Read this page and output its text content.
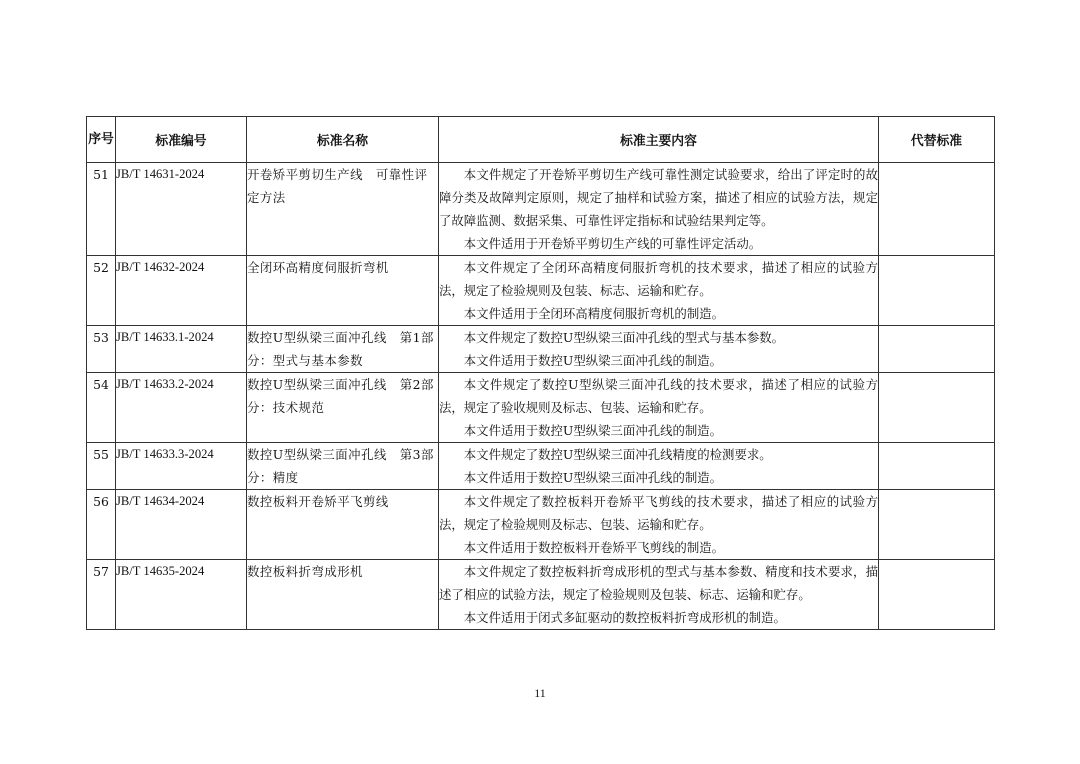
序号	标准编号	标准名称	标准主要内容	代替标准
51	JB/T 14631-2024	开卷矫平剪切生产线　可靠性评定方法	本文件规定了开卷矫平剪切生产线可靠性测定试验要求，给出了评定时的故障分类及故障判定原则，规定了抽样和试验方案，描述了相应的试验方法，规定了故障监测、数据采集、可靠性评定指标和试验结果判定等。

本文件适用于开卷矫平剪切生产线的可靠性评定活动。	

52	JB/T 14632-2024	全闭环高精度伺服折弯机	本文件规定了全闭环高精度伺服折弯机的技术要求，描述了相应的试验方法，规定了检验规则及包装、标志、运输和贮存。

本文件适用于全闭环高精度伺服折弯机的制造。	

53	JB/T 14633.1-2024	数控U型纵梁三面冲孔线　第1部分：型式与基本参数	本文件规定了数控U型纵梁三面冲孔线的型式与基本参数。

本文件适用于数控U型纵梁三面冲孔线的制造。	

54	JB/T 14633.2-2024	数控U型纵梁三面冲孔线　第2部分：技术规范	本文件规定了数控U型纵梁三面冲孔线的技术要求，描述了相应的试验方法，规定了验收规则及标志、包装、运输和贮存。

本文件适用于数控U型纵梁三面冲孔线的制造。	

55	JB/T 14633.3-2024	数控U型纵梁三面冲孔线　第3部分：精度	本文件规定了数控U型纵梁三面冲孔线精度的检测要求。

本文件适用于数控U型纵梁三面冲孔线的制造。	

56	JB/T 14634-2024	数控板料开卷矫平飞剪线	本文件规定了数控板料开卷矫平飞剪线的技术要求，描述了相应的试验方法，规定了检验规则及标志、包装、运输和贮存。

本文件适用于数控板料开卷矫平飞剪线的制造。	

57	JB/T 14635-2024	数控板料折弯成形机	本文件规定了数控板料折弯成形机的型式与基本参数、精度和技术要求，描述了相应的试验方法，规定了检验规则及包装、标志、运输和贮存。

本文件适用于闭式多缸驱动的数控板料折弯成形机的制造。	

11
